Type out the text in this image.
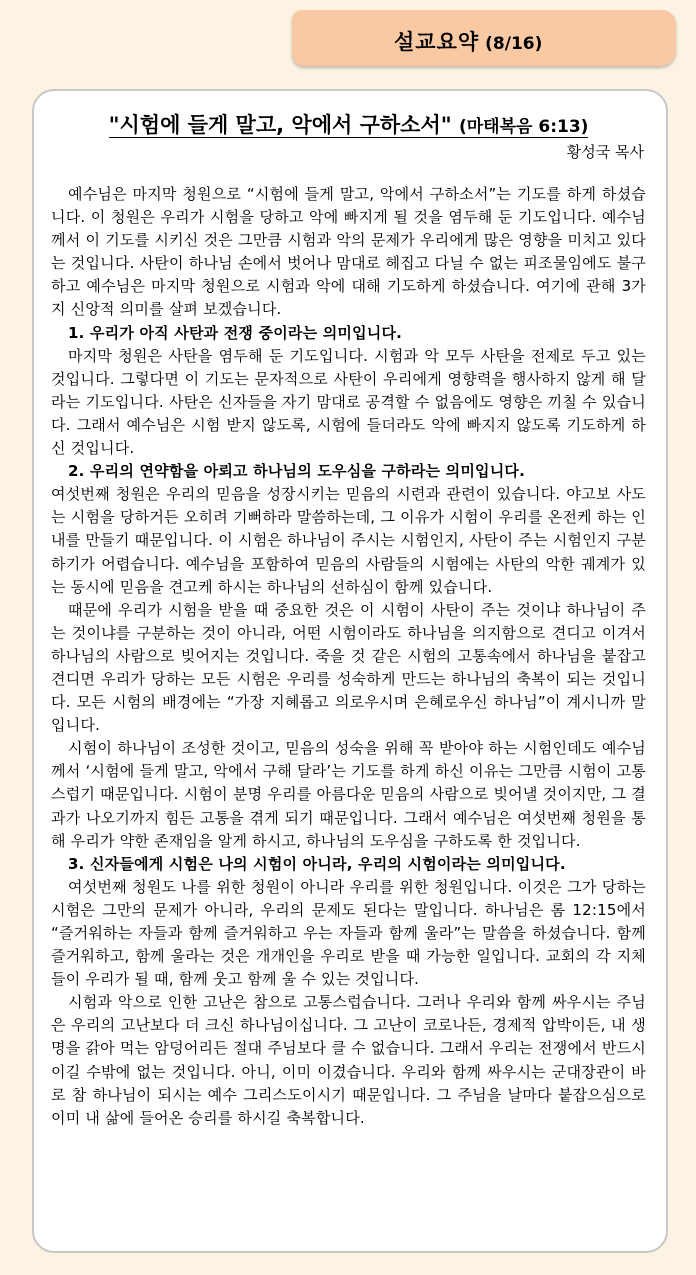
설교요약 (8/16)
"시험에 들게 말고, 악에서 구하소서" (마태복음 6:13)

황성국 목사

예수님은 마지막 청원으로 “시험에 들게 말고, 악에서 구하소서”는 기도를 하게 하셨습니다. 이 청원은 우리가 시험을 당하고 악에 빠지게 될 것을 염두해 둔 기도입니다. 예수님께서 이 기도를 시키신 것은 그만큼 시험과 악의 문제가 우리에게 많은 영향을 미치고 있다는 것입니다. 사탄이 하나님 손에서 벗어나 맘대로 헤집고 다닐 수 없는 피조물임에도 불구하고 예수님은 마지막 청원으로 시험과 악에 대해 기도하게 하셨습니다. 여기에 관해 3가지 신앙적 의미를 살펴 보겠습니다.

1. 우리가 아직 사탄과 전쟁 중이라는 의미입니다.

마지막 청원은 사탄을 염두해 둔 기도입니다. 시험과 악 모두 사탄을 전제로 두고 있는 것입니다. 그렇다면 이 기도는 문자적으로 사탄이 우리에게 영향력을 행사하지 않게 해 달라는 기도입니다. 사탄은 신자들을 자기 맘대로 공격할 수 없음에도 영향은 끼칠 수 있습니다. 그래서 예수님은 시험 받지 않도록, 시험에 들더라도 악에 빠지지 않도록 기도하게 하신 것입니다.

2. 우리의 연약함을 아뢰고 하나님의 도우심을 구하라는 의미입니다.

여섯번째 청원은 우리의 믿음을 성장시키는 믿음의 시련과 관련이 있습니다. 야고보 사도는 시험을 당하거든 오히려 기뻐하라 말씀하는데, 그 이유가 시험이 우리를 온전케 하는 인내를 만들기 때문입니다. 이 시험은 하나님이 주시는 시험인지, 사탄이 주는 시험인지 구분하기가 어렵습니다. 예수님을 포함하여 믿음의 사람들의 시험에는 사탄의 악한 궤계가 있는 동시에 믿음을 견고케 하시는 하나님의 선하심이 함께 있습니다.

때문에 우리가 시험을 받을 때 중요한 것은 이 시험이 사탄이 주는 것이냐 하나님이 주는 것이냐를 구분하는 것이 아니라, 어떤 시험이라도 하나님을 의지함으로 견디고 이겨서 하나님의 사람으로 빚어지는 것입니다. 죽을 것 같은 시험의 고통속에서 하나님을 붙잡고 견디면 우리가 당하는 모든 시험은 우리를 성숙하게 만드는 하나님의 축복이 되는 것입니다. 모든 시험의 배경에는 “가장 지혜롭고 의로우시며 은혜로우신 하나님”이 계시니까 말입니다.

시험이 하나님이 조성한 것이고, 믿음의 성숙을 위해 꼭 받아야 하는 시험인데도 예수님께서 ‘시험에 들게 말고, 악에서 구해 달라’는 기도를 하게 하신 이유는 그만큼 시험이 고통스럽기 때문입니다. 시험이 분명 우리를 아름다운 믿음의 사람으로 빚어낼 것이지만, 그 결과가 나오기까지 힘든 고통을 겪게 되기 때문입니다. 그래서 예수님은 여섯번째 청원을 통해 우리가 약한 존재임을 알게 하시고, 하나님의 도우심을 구하도록 한 것입니다.

3. 신자들에게 시험은 나의 시험이 아니라, 우리의 시험이라는 의미입니다.

여섯번째 청원도 나를 위한 청원이 아니라 우리를 위한 청원입니다. 이것은 그가 당하는 시험은 그만의 문제가 아니라, 우리의 문제도 된다는 말입니다. 하나님은 롬 12:15에서 “즐거워하는 자들과 함께 즐거워하고 우는 자들과 함께 울라”는 말씀을 하셨습니다. 함께 즐거워하고, 함께 울라는 것은 개개인을 우리로 받을 때 가능한 일입니다. 교회의 각 지체들이 우리가 될 때, 함께 웃고 함께 울 수 있는 것입니다.

시험과 악으로 인한 고난은 참으로 고통스럽습니다. 그러나 우리와 함께 싸우시는 주님은 우리의 고난보다 더 크신 하나님이십니다. 그 고난이 코로나든, 경제적 압박이든, 내 생명을 갉아 먹는 암덩어리든 절대 주님보다 클 수 없습니다. 그래서 우리는 전쟁에서 반드시 이길 수밖에 없는 것입니다. 아니, 이미 이겼습니다. 우리와 함께 싸우시는 군대장관이 바로 참 하나님이 되시는 예수 그리스도이시기 때문입니다. 그 주님을 날마다 붙잡으심으로 이미 내 삶에 들어온 승리를 하시길 축복합니다.
